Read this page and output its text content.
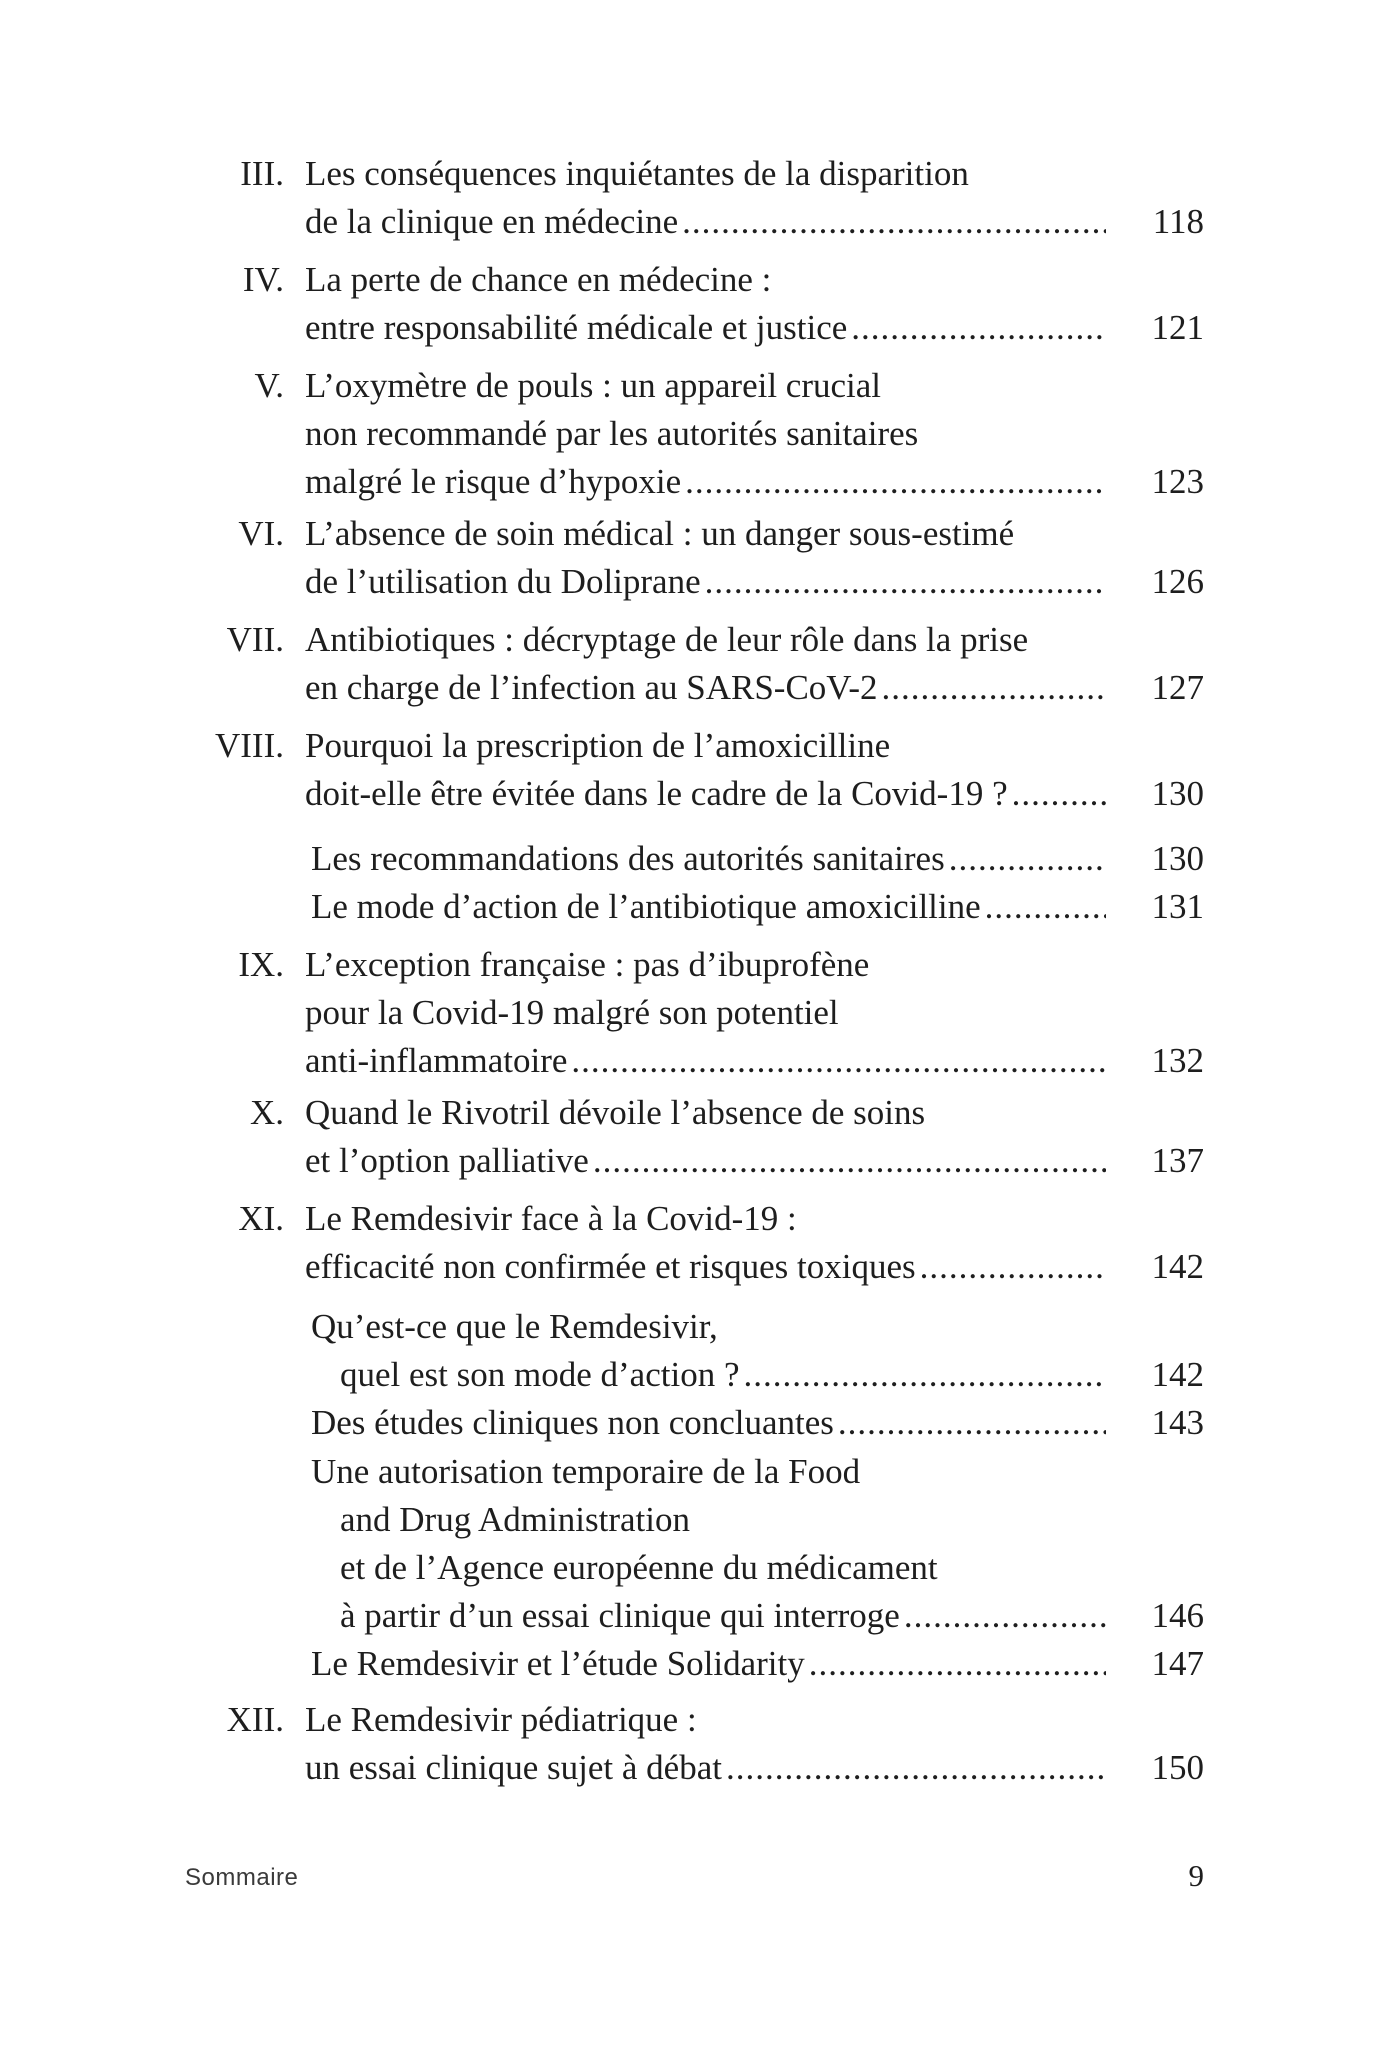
III. Les conséquences inquiétantes de la disparition
de la clinique en médecine .....	118
IV. La perte de chance en médecine :
entre responsabilité médicale et justice .....	121
V. L’oxymètre de pouls : un appareil crucial
non recommandé par les autorités sanitaires
malgré le risque d’hypoxie .....	123
VI. L’absence de soin médical : un danger sous-estimé
de l’utilisation du Doliprane .....	126
VII. Antibiotiques : décryptage de leur rôle dans la prise
en charge de l’infection au SARS-CoV-2 .....	127
VIII. Pourquoi la prescription de l’amoxicilline
doit-elle être évitée dans le cadre de la Covid-19 ? .....	130
Les recommandations des autorités sanitaires .....	130
Le mode d’action de l’antibiotique amoxicilline .....	131
IX. L’exception française : pas d’ibuprofène
pour la Covid-19 malgré son potentiel
anti-inflammatoire .....	132
X. Quand le Rivotril dévoile l’absence de soins
et l’option palliative .....	137
XI. Le Remdesivir face à la Covid-19 :
efficacité non confirmée et risques toxiques .....	142
Qu’est-ce que le Remdesivir,
quel est son mode d’action ? .....	142
Des études cliniques non concluantes .....	143
Une autorisation temporaire de la Food
and Drug Administration
et de l’Agence européenne du médicament
à partir d’un essai clinique qui interroge .....	146
Le Remdesivir et l’étude Solidarity .....	147
XII. Le Remdesivir pédiatrique :
un essai clinique sujet à débat .....	150
Sommaire	9
